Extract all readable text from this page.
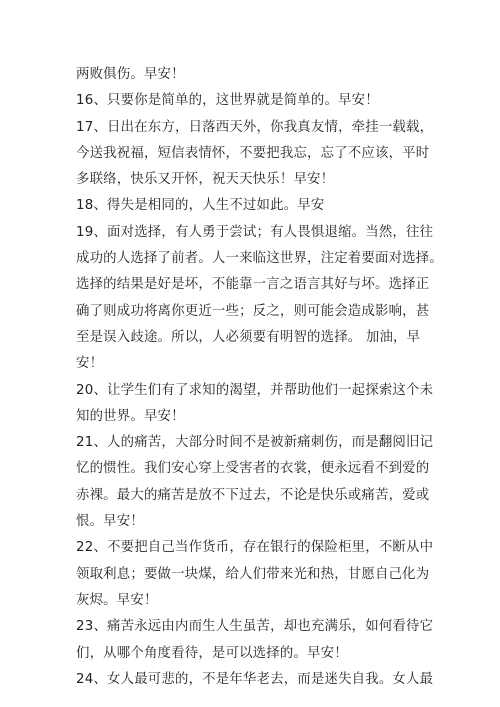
两败俱伤。早安！
16、只要你是简单的，这世界就是简单的。早安！
17、日出在东方，日落西天外，你我真友情，牵挂一载载，
今送我祝福，短信表情怀，不要把我忘，忘了不应该，平时
多联络，快乐又开怀，祝天天快乐！早安！
18、得失是相同的，人生不过如此。早安
19、面对选择，有人勇于尝试；有人畏惧退缩。当然，往往
成功的人选择了前者。人一来临这世界，注定着要面对选择。
选择的结果是好是坏，不能靠一言之语言其好与坏。选择正
确了则成功将离你更近一些；反之，则可能会造成影响，甚
至是误入歧途。所以，人必须要有明智的选择。 加油，早
安！
20、让学生们有了求知的渴望，并帮助他们一起探索这个未
知的世界。早安！
21、人的痛苦，大部分时间不是被新痛刺伤，而是翻阅旧记
忆的惯性。我们安心穿上受害者的衣裳，便永远看不到爱的
赤裸。最大的痛苦是放不下过去，不论是快乐或痛苦，爱或
恨。早安！
22、不要把自己当作货币，存在银行的保险柜里，不断从中
领取利息；要做一块煤，给人们带来光和热，甘愿自己化为
灰烬。早安！
23、痛苦永远由内而生人生虽苦，却也充满乐，如何看待它
们，从哪个角度看待，是可以选择的。早安！
24、女人最可悲的，不是年华老去，而是迷失自我。女人最
